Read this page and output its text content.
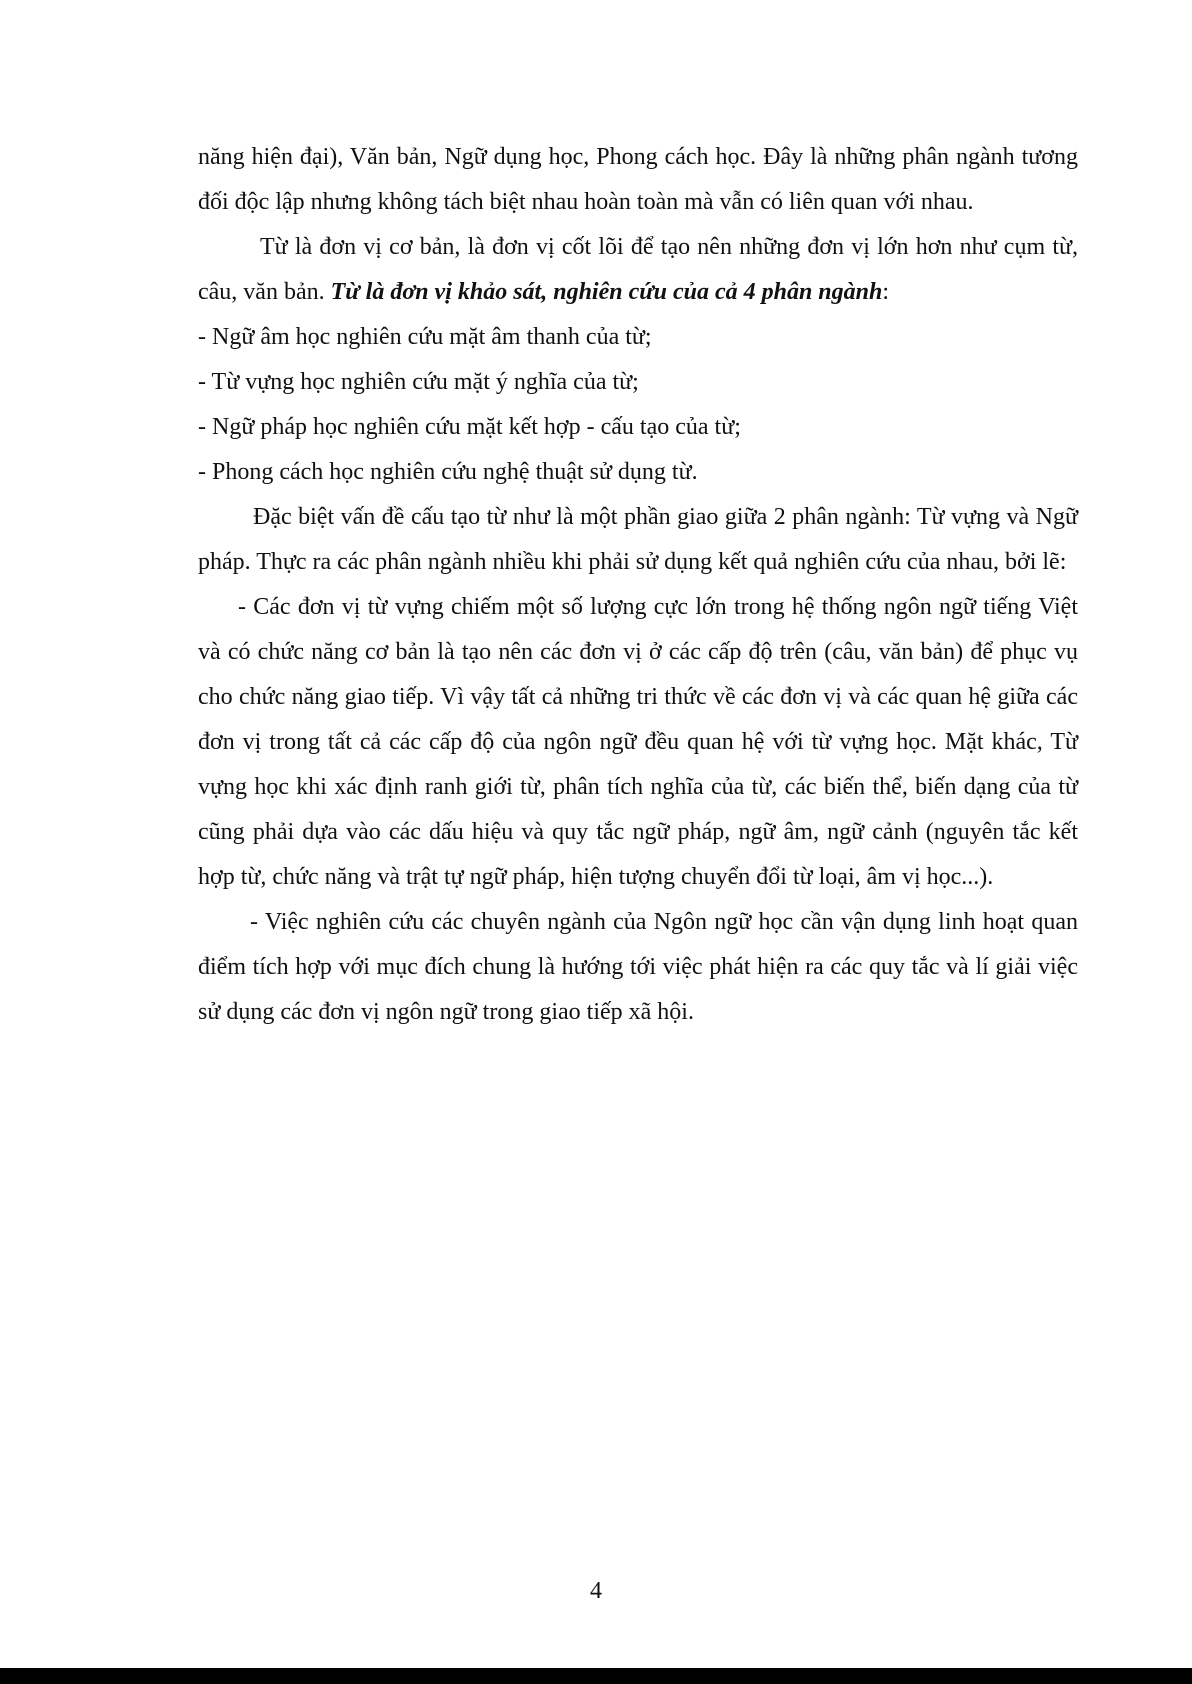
năng hiện đại), Văn bản, Ngữ dụng học, Phong cách học. Đây là những phân ngành tương đối độc lập nhưng không tách biệt nhau hoàn toàn mà vẫn có liên quan với nhau.

Từ là đơn vị cơ bản, là đơn vị cốt lõi để tạo nên những đơn vị lớn hơn như cụm từ, câu, văn bản. Từ là đơn vị khảo sát, nghiên cứu của cả 4 phân ngành:

- Ngữ âm học nghiên cứu mặt âm thanh của từ;

- Từ vựng học nghiên cứu mặt ý nghĩa của từ;

- Ngữ pháp học nghiên cứu mặt kết hợp - cấu tạo của từ;

- Phong cách học nghiên cứu nghệ thuật sử dụng từ.

Đặc biệt vấn đề cấu tạo từ như là một phần giao giữa 2 phân ngành: Từ vựng và Ngữ pháp. Thực ra các phân ngành nhiều khi phải sử dụng kết quả nghiên cứu của nhau, bởi lẽ:

- Các đơn vị từ vựng chiếm một số lượng cực lớn trong hệ thống ngôn ngữ tiếng Việt và có chức năng cơ bản là tạo nên các đơn vị ở các cấp độ trên (câu, văn bản) để phục vụ cho chức năng giao tiếp. Vì vậy tất cả những tri thức về các đơn vị và các quan hệ giữa các đơn vị trong tất cả các cấp độ của ngôn ngữ đều quan hệ với từ vựng học. Mặt khác, Từ vựng học khi xác định ranh giới từ, phân tích nghĩa của từ, các biến thể, biến dạng của từ cũng phải dựa vào các dấu hiệu và quy tắc ngữ pháp, ngữ âm, ngữ cảnh (nguyên tắc kết hợp từ, chức năng và trật tự ngữ pháp, hiện tượng chuyển đổi từ loại, âm vị học...).

- Việc nghiên cứu các chuyên ngành của Ngôn ngữ học cần vận dụng linh hoạt quan điểm tích hợp với mục đích chung là hướng tới việc phát hiện ra các quy tắc và lí giải việc sử dụng các đơn vị ngôn ngữ trong giao tiếp xã hội.

4
